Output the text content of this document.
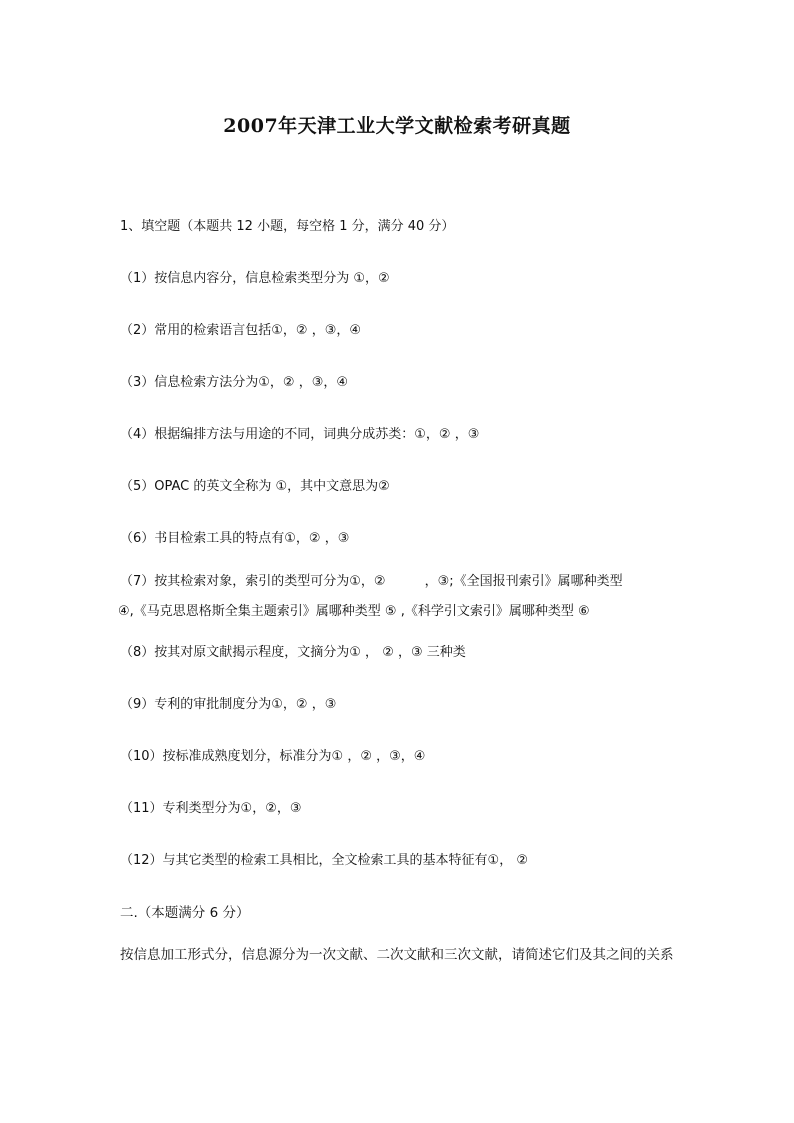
2007年天津工业大学文献检索考研真题
1、填空题（本题共 12 小题，每空格 1 分，满分 40 分）
（1）按信息内容分，信息检索类型分为 ①，②
（2）常用的检索语言包括①，② ，③，④
（3）信息检索方法分为①，② ，③，④
（4）根据编排方法与用途的不同，词典分成苏类：①，② ，③
（5）OPAC 的英文全称为 ①，其中文意思为②
（6）书目检索工具的特点有①，② ，③
（7）按其检索对象，索引的类型可分为①，②　　　，③;《全国报刊索引》属哪种类型
④,《马克思恩格斯全集主题索引》属哪种类型 ⑤ ,《科学引文索引》属哪种类型 ⑥
（8）按其对原文献揭示程度，文摘分为① ， ② ，③ 三种类
（9）专利的审批制度分为①，② ，③
（10）按标准成熟度划分，标准分为① ，② ，③，④
（11）专利类型分为①，②，③
（12）与其它类型的检索工具相比，全文检索工具的基本特征有①， ②
二.（本题满分 6 分）
按信息加工形式分，信息源分为一次文献、二次文献和三次文献，请简述它们及其之间的关系
